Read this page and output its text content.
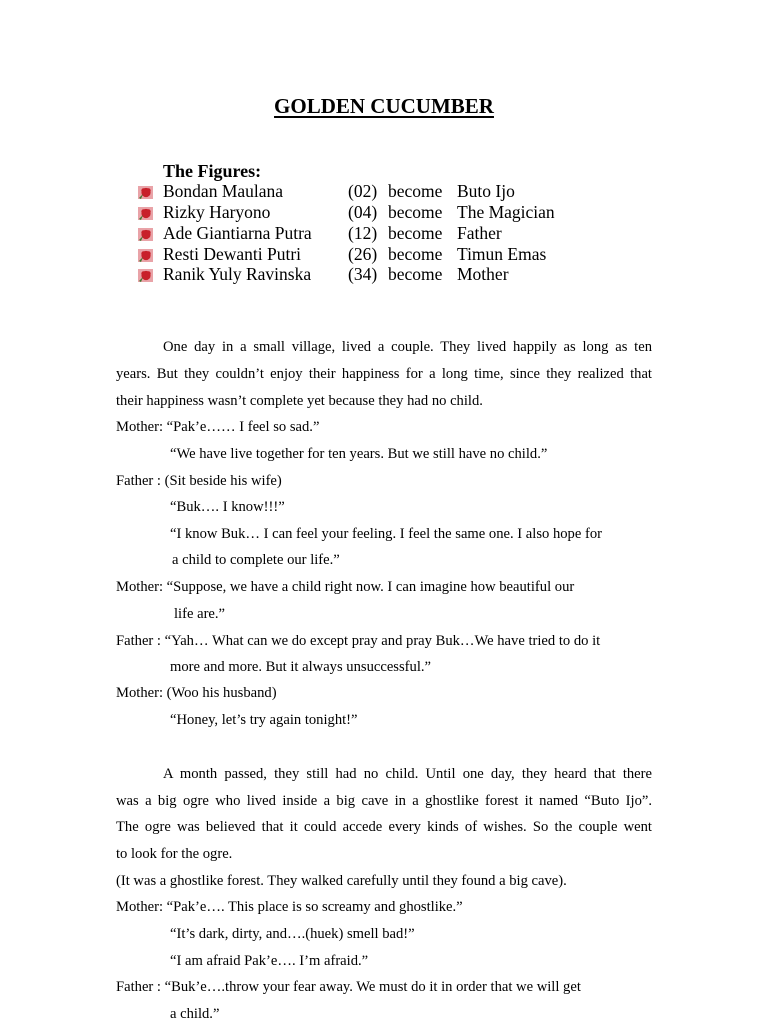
GOLDEN CUCUMBER
The Figures:
Bondan Maulana	(02) become Buto Ijo
Rizky Haryono	(04) become The Magician
Ade Giantiarna Putra (12) become Father
Resti Dewanti Putri	(26) become Timun Emas
Ranik Yuly Ravinska (34) become Mother
One day in a small village, lived a couple. They lived happily as long as ten
years. But they couldn’t enjoy their happiness for a long time, since they realized that
their happiness wasn’t complete yet because they had no child.
Mother: “Pak’e…… I feel so sad.”
“We have live together for ten years. But we still have no child.”
Father : (Sit beside his wife)
“Buk…. I know!!!”
“I know Buk… I can feel your feeling. I feel the same one. I also hope for
a child to complete our life.”
Mother: “Suppose, we have a child right now. I can imagine how beautiful our
life are.”
Father : “Yah… What can we do except pray and pray Buk…We have tried to do it
more and more. But it always unsuccessful.”
Mother: (Woo his husband)
“Honey, let’s try again tonight!”
A month passed, they still had no child. Until one day, they heard that there
was a big ogre who lived inside a big cave in a ghostlike forest it named “Buto Ijo”.
The ogre was believed that it could accede every kinds of wishes. So the couple went
to look for the ogre.
(It was a ghostlike forest. They walked carefully until they found a big cave).
Mother: “Pak’e…. This place is so screamy and ghostlike.”
“It’s dark, dirty, and….(huek) smell bad!”
“I am afraid Pak’e…. I’m afraid.”
Father : “Buk’e….throw your fear away. We must do it in order that we will get
a child.”
